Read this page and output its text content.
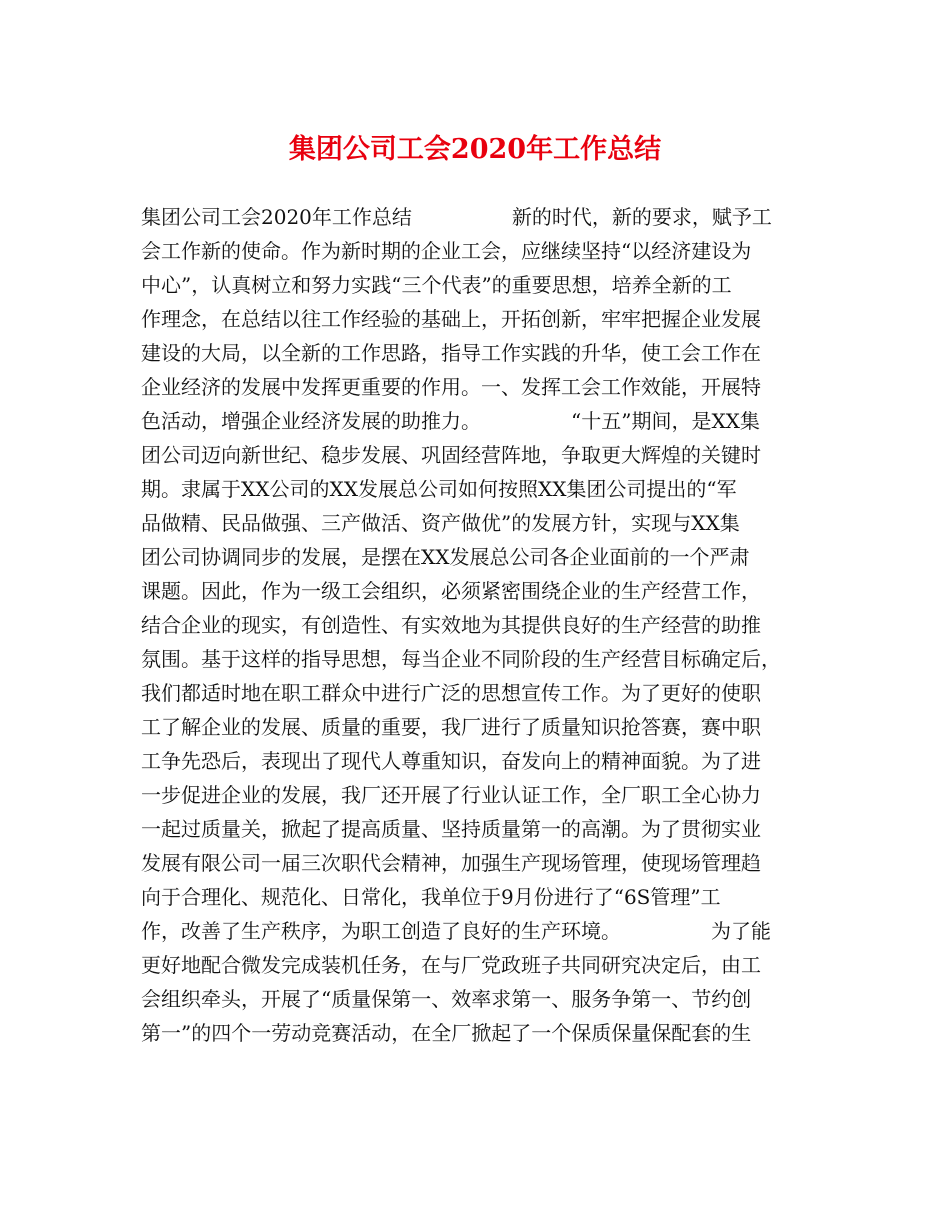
集团公司工会2020年工作总结
集团公司工会2020年工作总结　　　　　新的时代，新的要求，赋予工
会工作新的使命。作为新时期的企业工会，应继续坚持“以经济建设为
中心”，认真树立和努力实践“三个代表”的重要思想，培养全新的工
作理念，在总结以往工作经验的基础上，开拓创新，牢牢把握企业发展
建设的大局，以全新的工作思路，指导工作实践的升华，使工会工作在
企业经济的发展中发挥更重要的作用。一、发挥工会工作效能，开展特
色活动，增强企业经济发展的助推力。　　　　　“十五”期间，是XX集
团公司迈向新世纪、稳步发展、巩固经营阵地，争取更大辉煌的关键时
期。隶属于XX公司的XX发展总公司如何按照XX集团公司提出的“军
品做精、民品做强、三产做活、资产做优”的发展方针，实现与XX集
团公司协调同步的发展，是摆在XX发展总公司各企业面前的一个严肃
课题。因此，作为一级工会组织，必须紧密围绕企业的生产经营工作，
结合企业的现实，有创造性、有实效地为其提供良好的生产经营的助推
氛围。基于这样的指导思想，每当企业不同阶段的生产经营目标确定后，
我们都适时地在职工群众中进行广泛的思想宣传工作。为了更好的使职
工了解企业的发展、质量的重要，我厂进行了质量知识抢答赛，赛中职
工争先恐后，表现出了现代人尊重知识，奋发向上的精神面貌。为了进
一步促进企业的发展，我厂还开展了行业认证工作，全厂职工全心协力
一起过质量关，掀起了提高质量、坚持质量第一的高潮。为了贯彻实业
发展有限公司一届三次职代会精神，加强生产现场管理，使现场管理趋
向于合理化、规范化、日常化，我单位于9月份进行了“6S管理”工
作，改善了生产秩序，为职工创造了良好的生产环境。　　　　　为了能
更好地配合微发完成装机任务，在与厂党政班子共同研究决定后，由工
会组织牵头，开展了“质量保第一、效率求第一、服务争第一、节约创
第一”的四个一劳动竞赛活动，在全厂掀起了一个保质保量保配套的生
